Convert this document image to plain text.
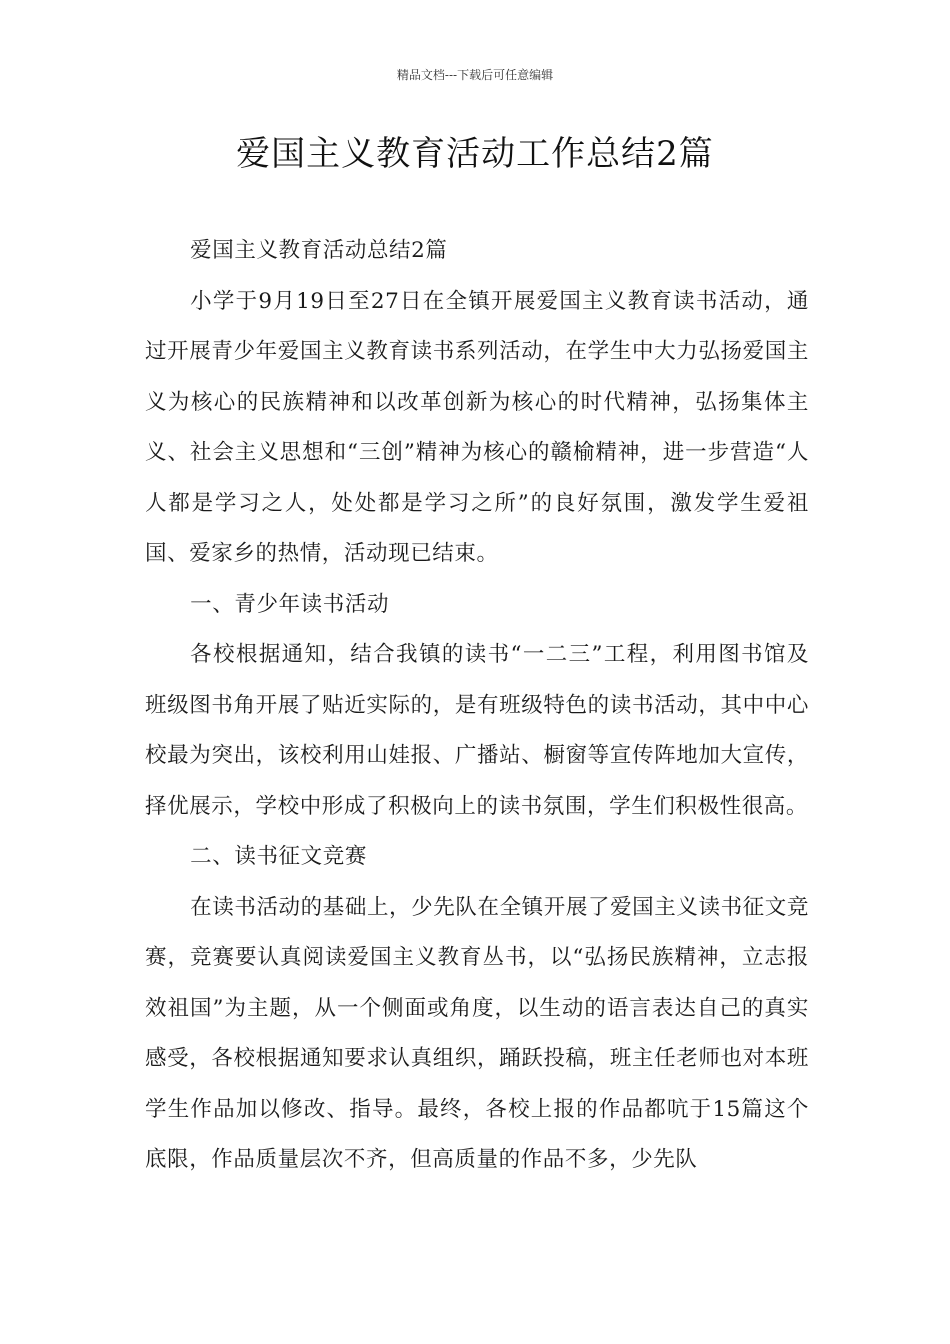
精品文档---下载后可任意编辑
爱国主义教育活动工作总结2篇

爱国主义教育活动总结2篇

小学于9月19日至27日在全镇开展爱国主义教育读书活动，通过开展青少年爱国主义教育读书系列活动，在学生中大力弘扬爱国主义为核心的民族精神和以改革创新为核心的时代精神，弘扬集体主义、社会主义思想和“三创”精神为核心的赣榆精神，进一步营造“人人都是学习之人，处处都是学习之所”的良好氛围，激发学生爱祖国、爱家乡的热情，活动现已结束。

一、青少年读书活动

各校根据通知，结合我镇的读书“一二三”工程，利用图书馆及班级图书角开展了贴近实际的，是有班级特色的读书活动，其中中心校最为突出，该校利用山娃报、广播站、橱窗等宣传阵地加大宣传，择优展示，学校中形成了积极向上的读书氛围，学生们积极性很高。

二、读书征文竞赛

在读书活动的基础上，少先队在全镇开展了爱国主义读书征文竞赛，竞赛要认真阅读爱国主义教育丛书，以“弘扬民族精神，立志报效祖国”为主题，从一个侧面或角度，以生动的语言表达自己的真实感受，各校根据通知要求认真组织，踊跃投稿，班主任老师也对本班学生作品加以修改、指导。最终，各校上报的作品都吭于15篇这个底限，作品质量层次不齐，但高质量的作品不多，少先队
